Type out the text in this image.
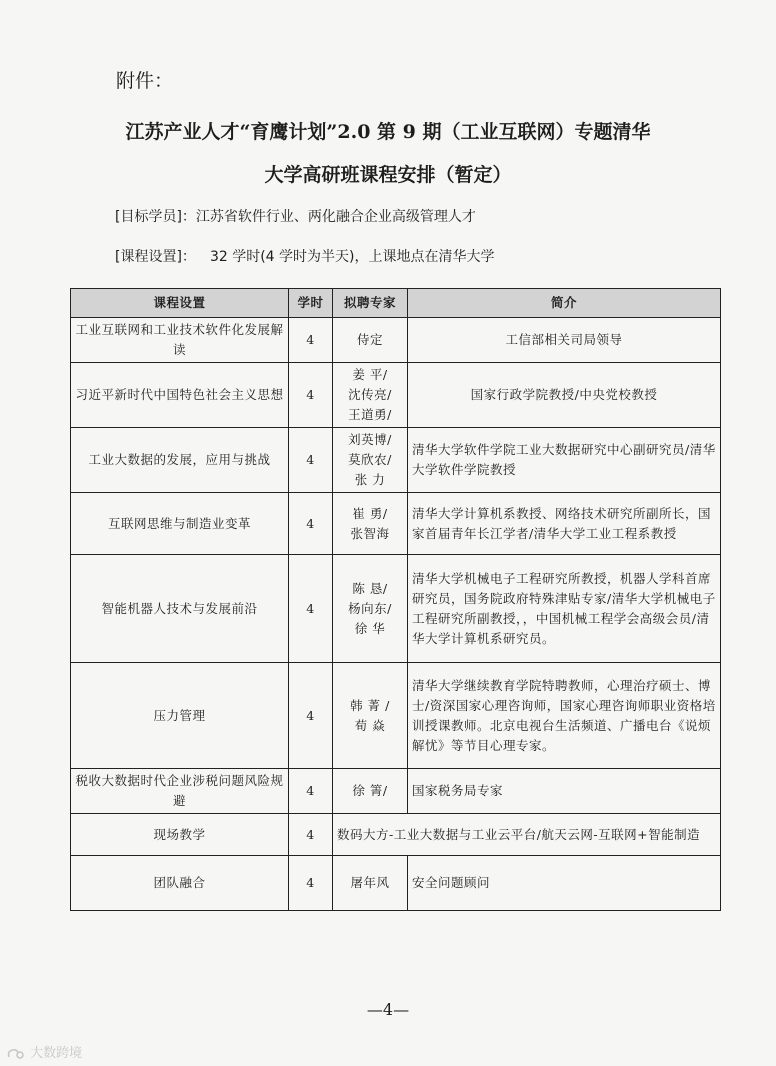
附件：
江苏产业人才“育鹰计划”2.0 第 9 期（工业互联网）专题清华
大学高研班课程安排（暂定）
[目标学员]：江苏省软件行业、两化融合企业高级管理人才
[课程设置]： 32 学时(4 学时为半天)，上课地点在清华大学
课程设置	学时	拟聘专家	简介
工业互联网和工业技术软件化发展解读	4	侍定	工信部相关司局领导
习近平新时代中国特色社会主义思想	4	姜 平/
沈传亮/
王道勇/	国家行政学院教授/中央党校教授
工业大数据的发展，应用与挑战	4	刘英博/
莫欣农/
张 力	清华大学软件学院工业大数据研究中心副研究员/清华大学软件学院教授
互联网思维与制造业变革	4	崔 勇/
张智海	清华大学计算机系教授、网络技术研究所副所长，国家首届青年长江学者/清华大学工业工程系教授
智能机器人技术与发展前沿	4	陈 恳/
杨向东/
徐 华	清华大学机械电子工程研究所教授，机器人学科首席研究员，国务院政府特殊津贴专家/清华大学机械电子工程研究所副教授，，中国机械工程学会高级会员/清华大学计算机系研究员。
压力管理	4	韩 菁 /
荀 焱	清华大学继续教育学院特聘教师，心理治疗硕士、博士/资深国家心理咨询师，国家心理咨询师职业资格培训授课教师。北京电视台生活频道、广播电台《说烦解忧》等节目心理专家。
税收大数据时代企业涉税问题风险规避	4	徐 箐/	国家税务局专家
现场教学	4	数码大方-工业大数据与工业云平台/航天云网-互联网+智能制造	
团队融合	4	屠年风	安全问题顾问
—4—
大数跨境
